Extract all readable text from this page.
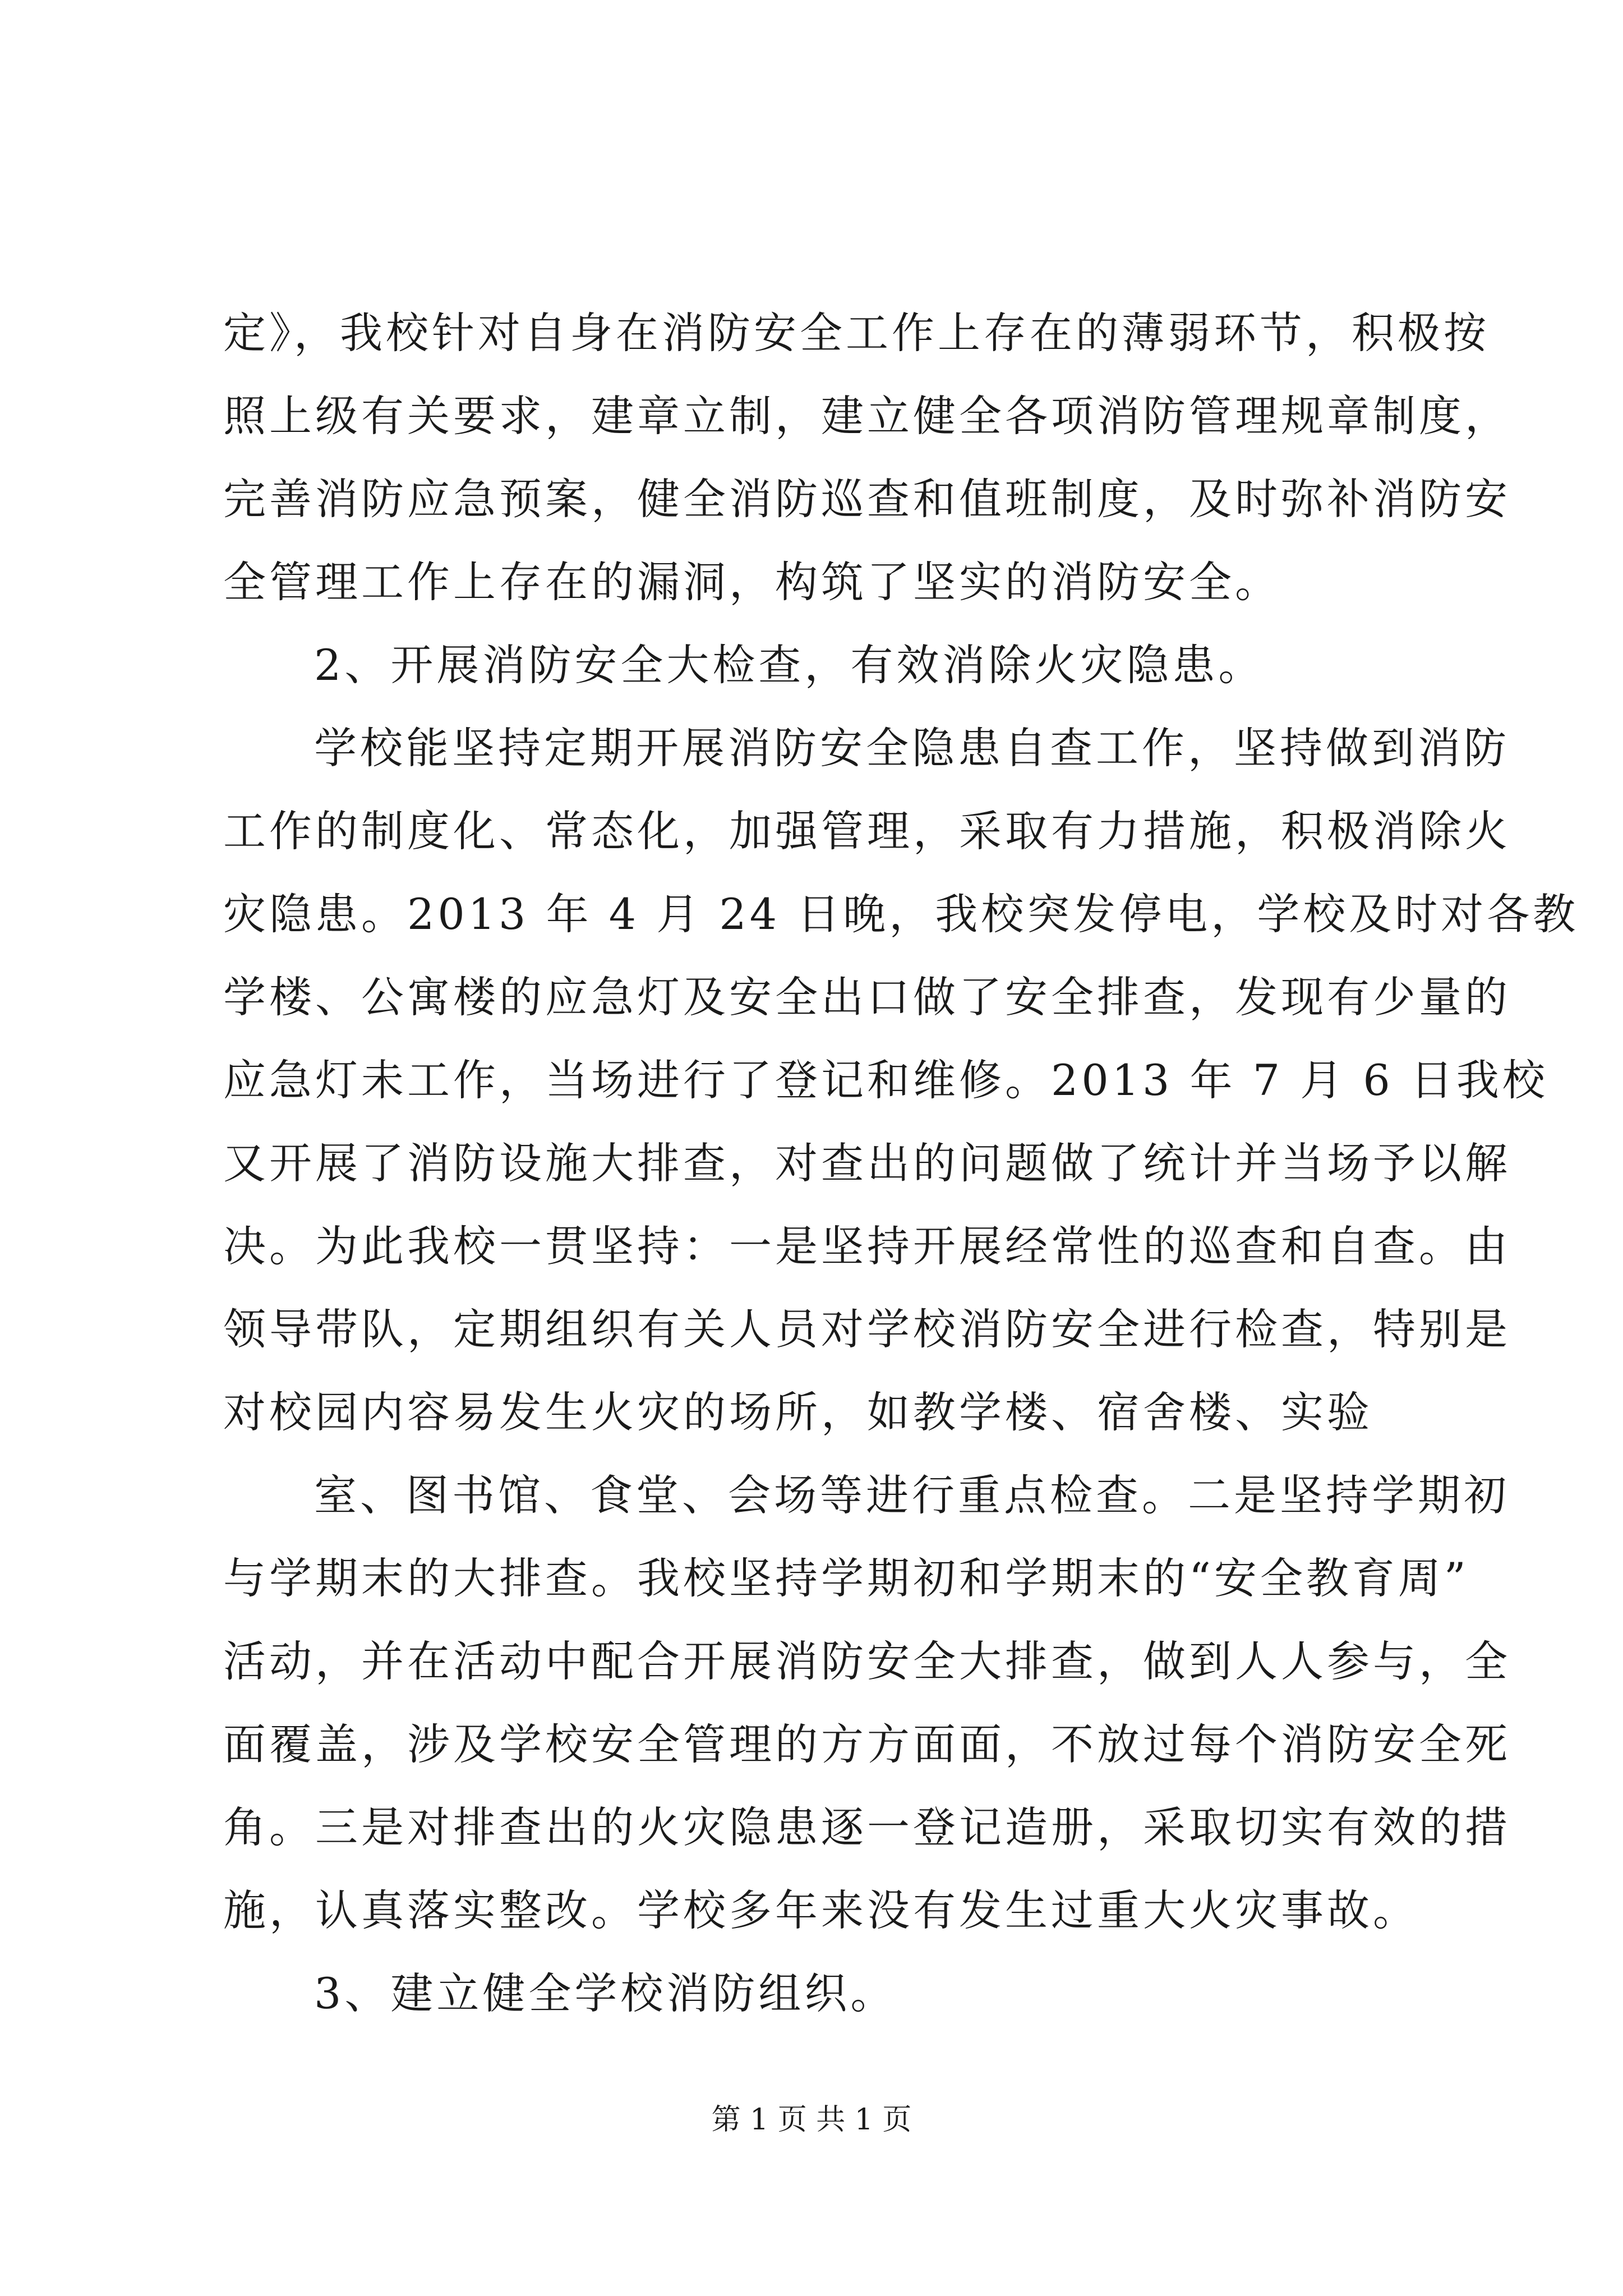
定》，我校针对自身在消防安全工作上存在的薄弱环节，积极按
照上级有关要求，建章立制，建立健全各项消防管理规章制度，
完善消防应急预案，健全消防巡查和值班制度，及时弥补消防安
全管理工作上存在的漏洞，构筑了坚实的消防安全。
2、开展消防安全大检查，有效消除火灾隐患。
学校能坚持定期开展消防安全隐患自查工作，坚持做到消防
工作的制度化、常态化，加强管理，采取有力措施，积极消除火
灾隐患。2013 年 4 月 24 日晚，我校突发停电，学校及时对各教
学楼、公寓楼的应急灯及安全出口做了安全排查，发现有少量的
应急灯未工作，当场进行了登记和维修。2013 年 7 月 6 日我校
又开展了消防设施大排查，对查出的问题做了统计并当场予以解
决。为此我校一贯坚持：一是坚持开展经常性的巡查和自查。由
领导带队，定期组织有关人员对学校消防安全进行检查，特别是
对校园内容易发生火灾的场所，如教学楼、宿舍楼、实验
室、图书馆、食堂、会场等进行重点检查。二是坚持学期初
与学期末的大排查。我校坚持学期初和学期末的“安全教育周”
活动，并在活动中配合开展消防安全大排查，做到人人参与，全
面覆盖，涉及学校安全管理的方方面面，不放过每个消防安全死
角。三是对排查出的火灾隐患逐一登记造册，采取切实有效的措
施，认真落实整改。学校多年来没有发生过重大火灾事故。
3、建立健全学校消防组织。
第 1 页 共 1 页
